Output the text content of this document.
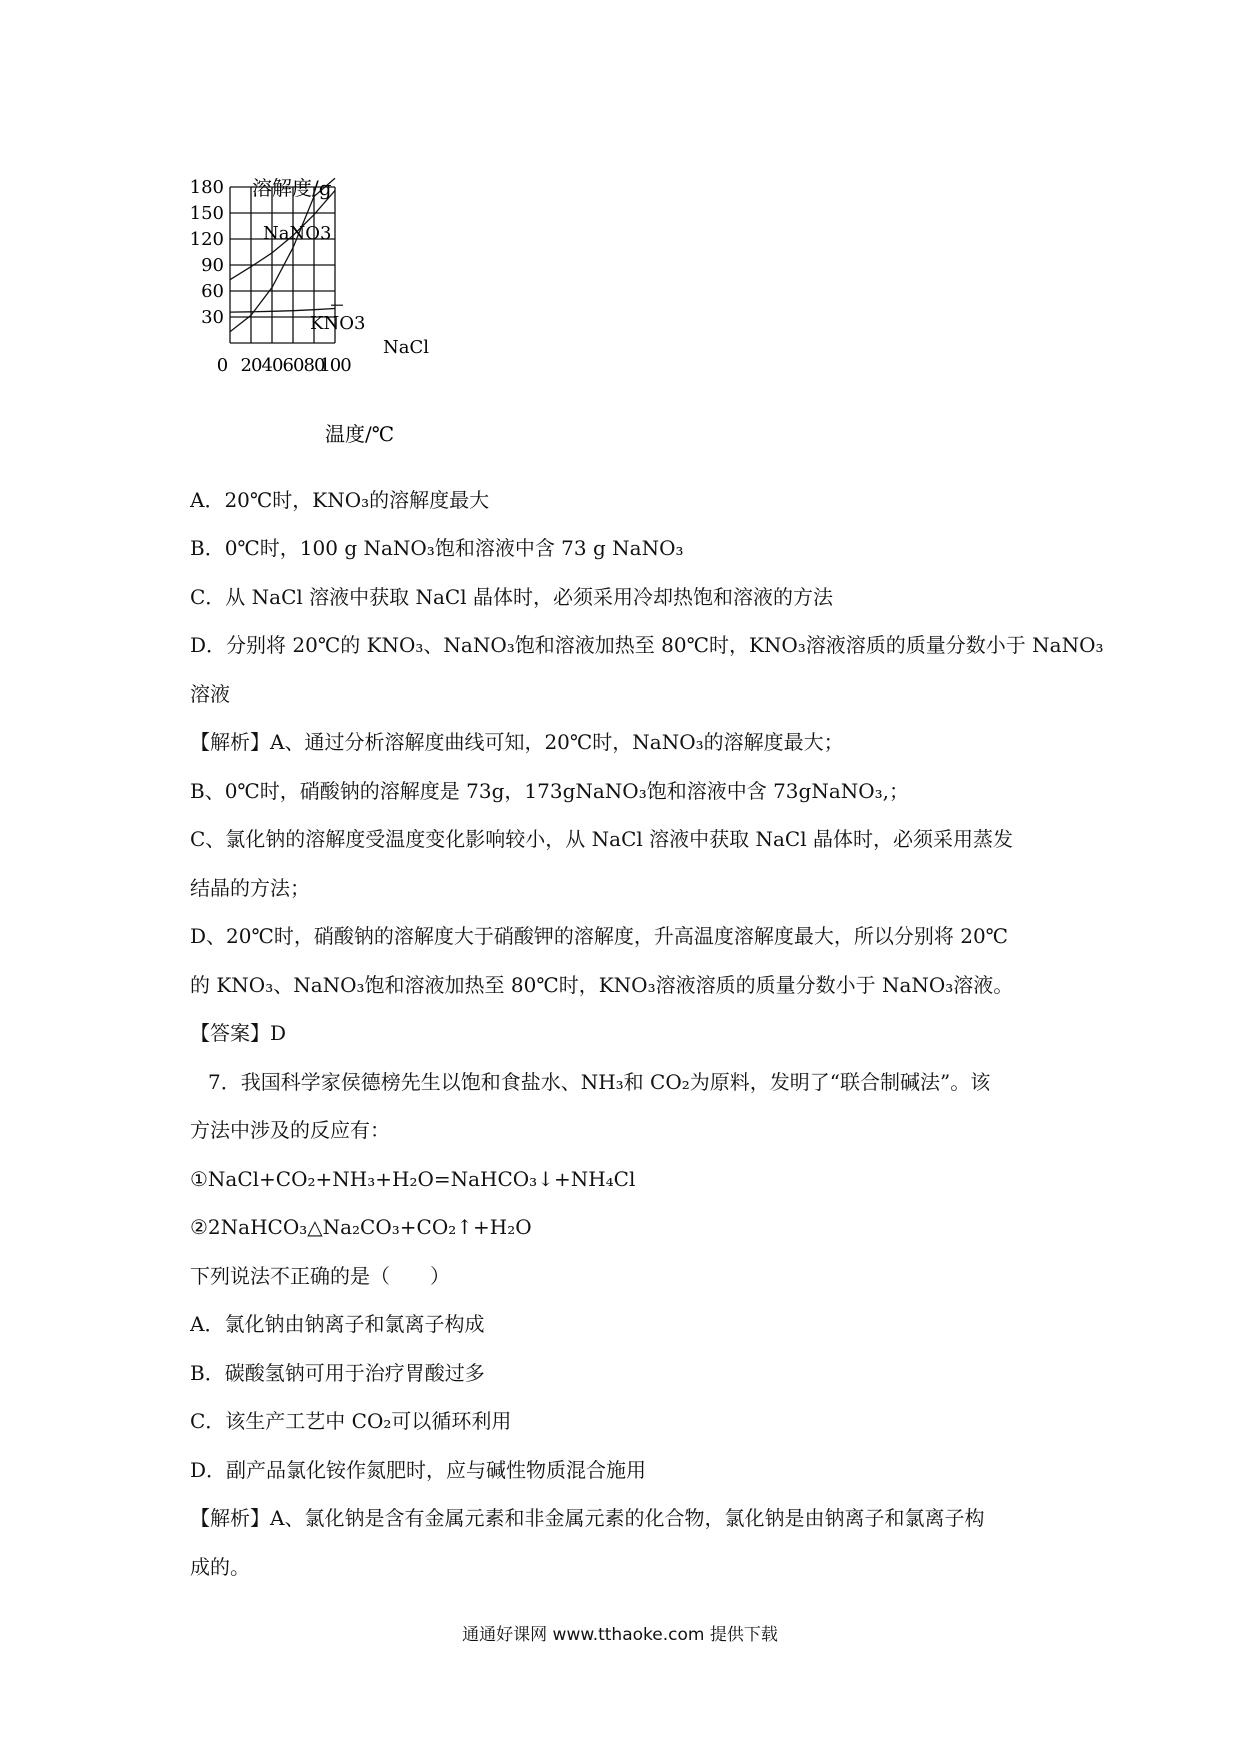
溶解度/g
30
60
90
120
150
180
0 20 40 60 80
100
NaNO3
KNO3
NaCl
温度/℃
A．20℃时，KNO₃的溶解度最大
B．0℃时，100 g NaNO₃饱和溶液中含 73 g NaNO₃
C．从 NaCl 溶液中获取 NaCl 晶体时，必须采用冷却热饱和溶液的方法
D．分别将 20℃的 KNO₃、NaNO₃饱和溶液加热至 80℃时，KNO₃溶液溶质的质量分数小于 NaNO₃
溶液
【解析】A、通过分析溶解度曲线可知，20℃时，NaNO₃的溶解度最大；
B、0℃时，硝酸钠的溶解度是 73g，173gNaNO₃饱和溶液中含 73gNaNO₃,；
C、氯化钠的溶解度受温度变化影响较小，从 NaCl 溶液中获取 NaCl 晶体时，必须采用蒸发
结晶的方法；
D、20℃时，硝酸钠的溶解度大于硝酸钾的溶解度，升高温度溶解度最大，所以分别将 20℃
的 KNO₃、NaNO₃饱和溶液加热至 80℃时，KNO₃溶液溶质的质量分数小于 NaNO₃溶液。
【答案】D
7．我国科学家侯德榜先生以饱和食盐水、NH₃和 CO₂为原料，发明了“联合制碱法”。该
方法中涉及的反应有：
①NaCl+CO₂+NH₃+H₂O=NaHCO₃↓+NH₄Cl
②2NaHCO₃△Na₂CO₃+CO₂↑+H₂O
下列说法不正确的是（　　）
A．氯化钠由钠离子和氯离子构成
B．碳酸氢钠可用于治疗胃酸过多
C．该生产工艺中 CO₂可以循环利用
D．副产品氯化铵作氮肥时，应与碱性物质混合施用
【解析】A、氯化钠是含有金属元素和非金属元素的化合物，氯化钠是由钠离子和氯离子构
成的。
通通好课网 www.tthaoke.com 提供下载
